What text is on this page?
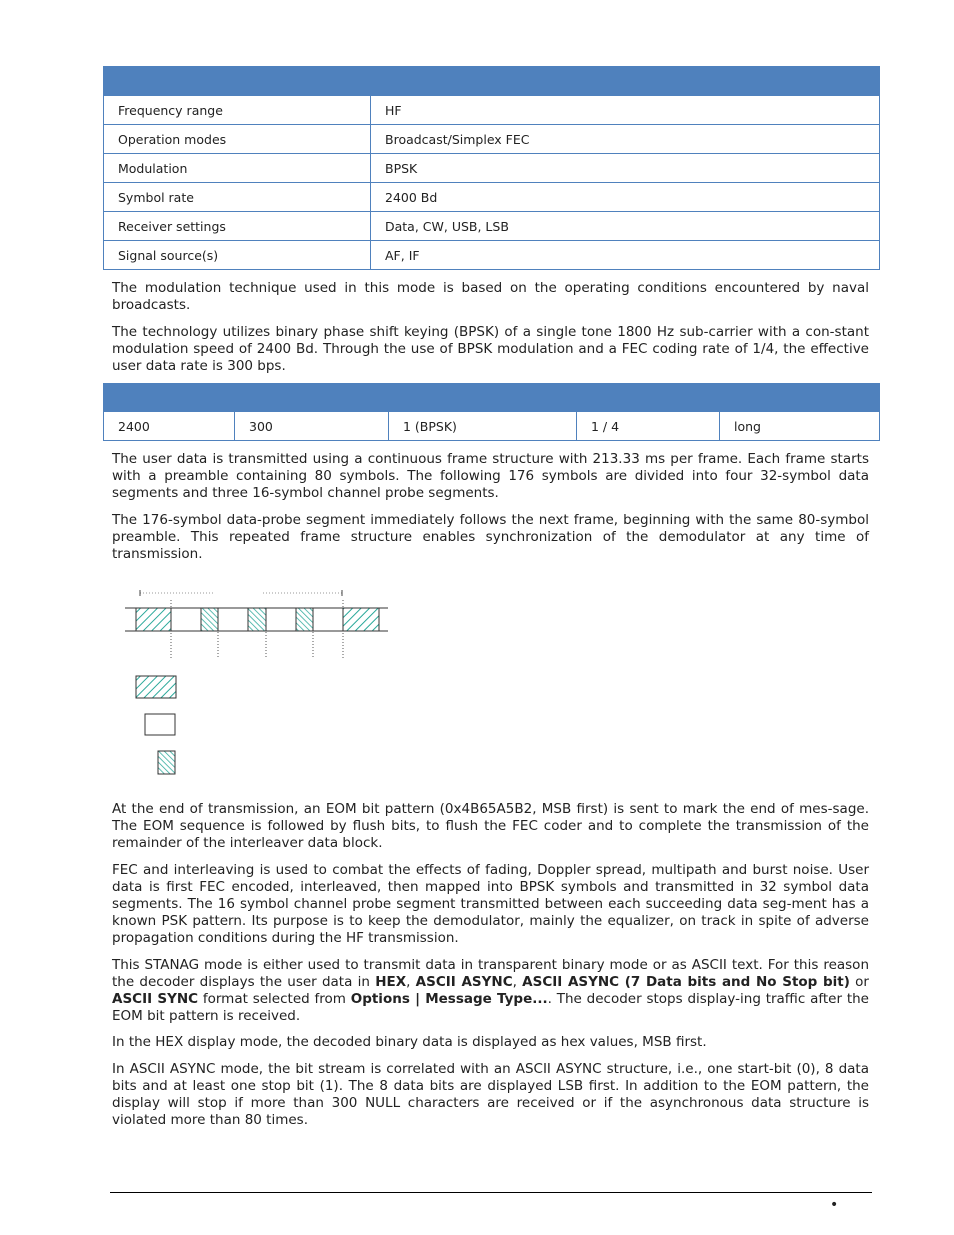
Frequency range	HF
Operation modes	Broadcast/Simplex FEC
Modulation	BPSK
Symbol rate	2400 Bd
Receiver settings	Data, CW, USB, LSB
Signal source(s)	AF, IF

The modulation technique used in this mode is based on the operating conditions encountered by naval broadcasts.

The technology utilizes binary phase shift keying (BPSK) of a single tone 1800 Hz sub-carrier with a con-stant modulation speed of 2400 Bd. Through the use of BPSK modulation and a FEC coding rate of 1/4, the effective user data rate is 300 bps.

2400	300	1 (BPSK)	1 / 4	long

The user data is transmitted using a continuous frame structure with 213.33 ms per frame. Each frame starts with a preamble containing 80 symbols. The following 176 symbols are divided into four 32-symbol data segments and three 16-symbol channel probe segments.

The 176-symbol data-probe segment immediately follows the next frame, beginning with the same 80-symbol preamble. This repeated frame structure enables synchronization of the demodulator at any time of transmission.

At the end of transmission, an EOM bit pattern (0x4B65A5B2, MSB first) is sent to mark the end of mes-sage. The EOM sequence is followed by flush bits, to flush the FEC coder and to complete the transmission of the remainder of the interleaver data block.

FEC and interleaving is used to combat the effects of fading, Doppler spread, multipath and burst noise. User data is first FEC encoded, interleaved, then mapped into BPSK symbols and transmitted in 32 symbol data segments. The 16 symbol channel probe segment transmitted between each succeeding data seg-ment has a known PSK pattern. Its purpose is to keep the demodulator, mainly the equalizer, on track in spite of adverse propagation conditions during the HF transmission.

This STANAG mode is either used to transmit data in transparent binary mode or as ASCII text. For this reason the decoder displays the user data in HEX, ASCII ASYNC, ASCII ASYNC (7 Data bits and No Stop bit) or ASCII SYNC format selected from Options | Message Type.... The decoder stops display-ing traffic after the EOM bit pattern is received.

In the HEX display mode, the decoded binary data is displayed as hex values, MSB first.

In ASCII ASYNC mode, the bit stream is correlated with an ASCII ASYNC structure, i.e., one start-bit (0), 8 data bits and at least one stop bit (1). The 8 data bits are displayed LSB first. In addition to the EOM pattern, the display will stop if more than 300 NULL characters are received or if the asynchronous data structure is violated more than 80 times.

•
